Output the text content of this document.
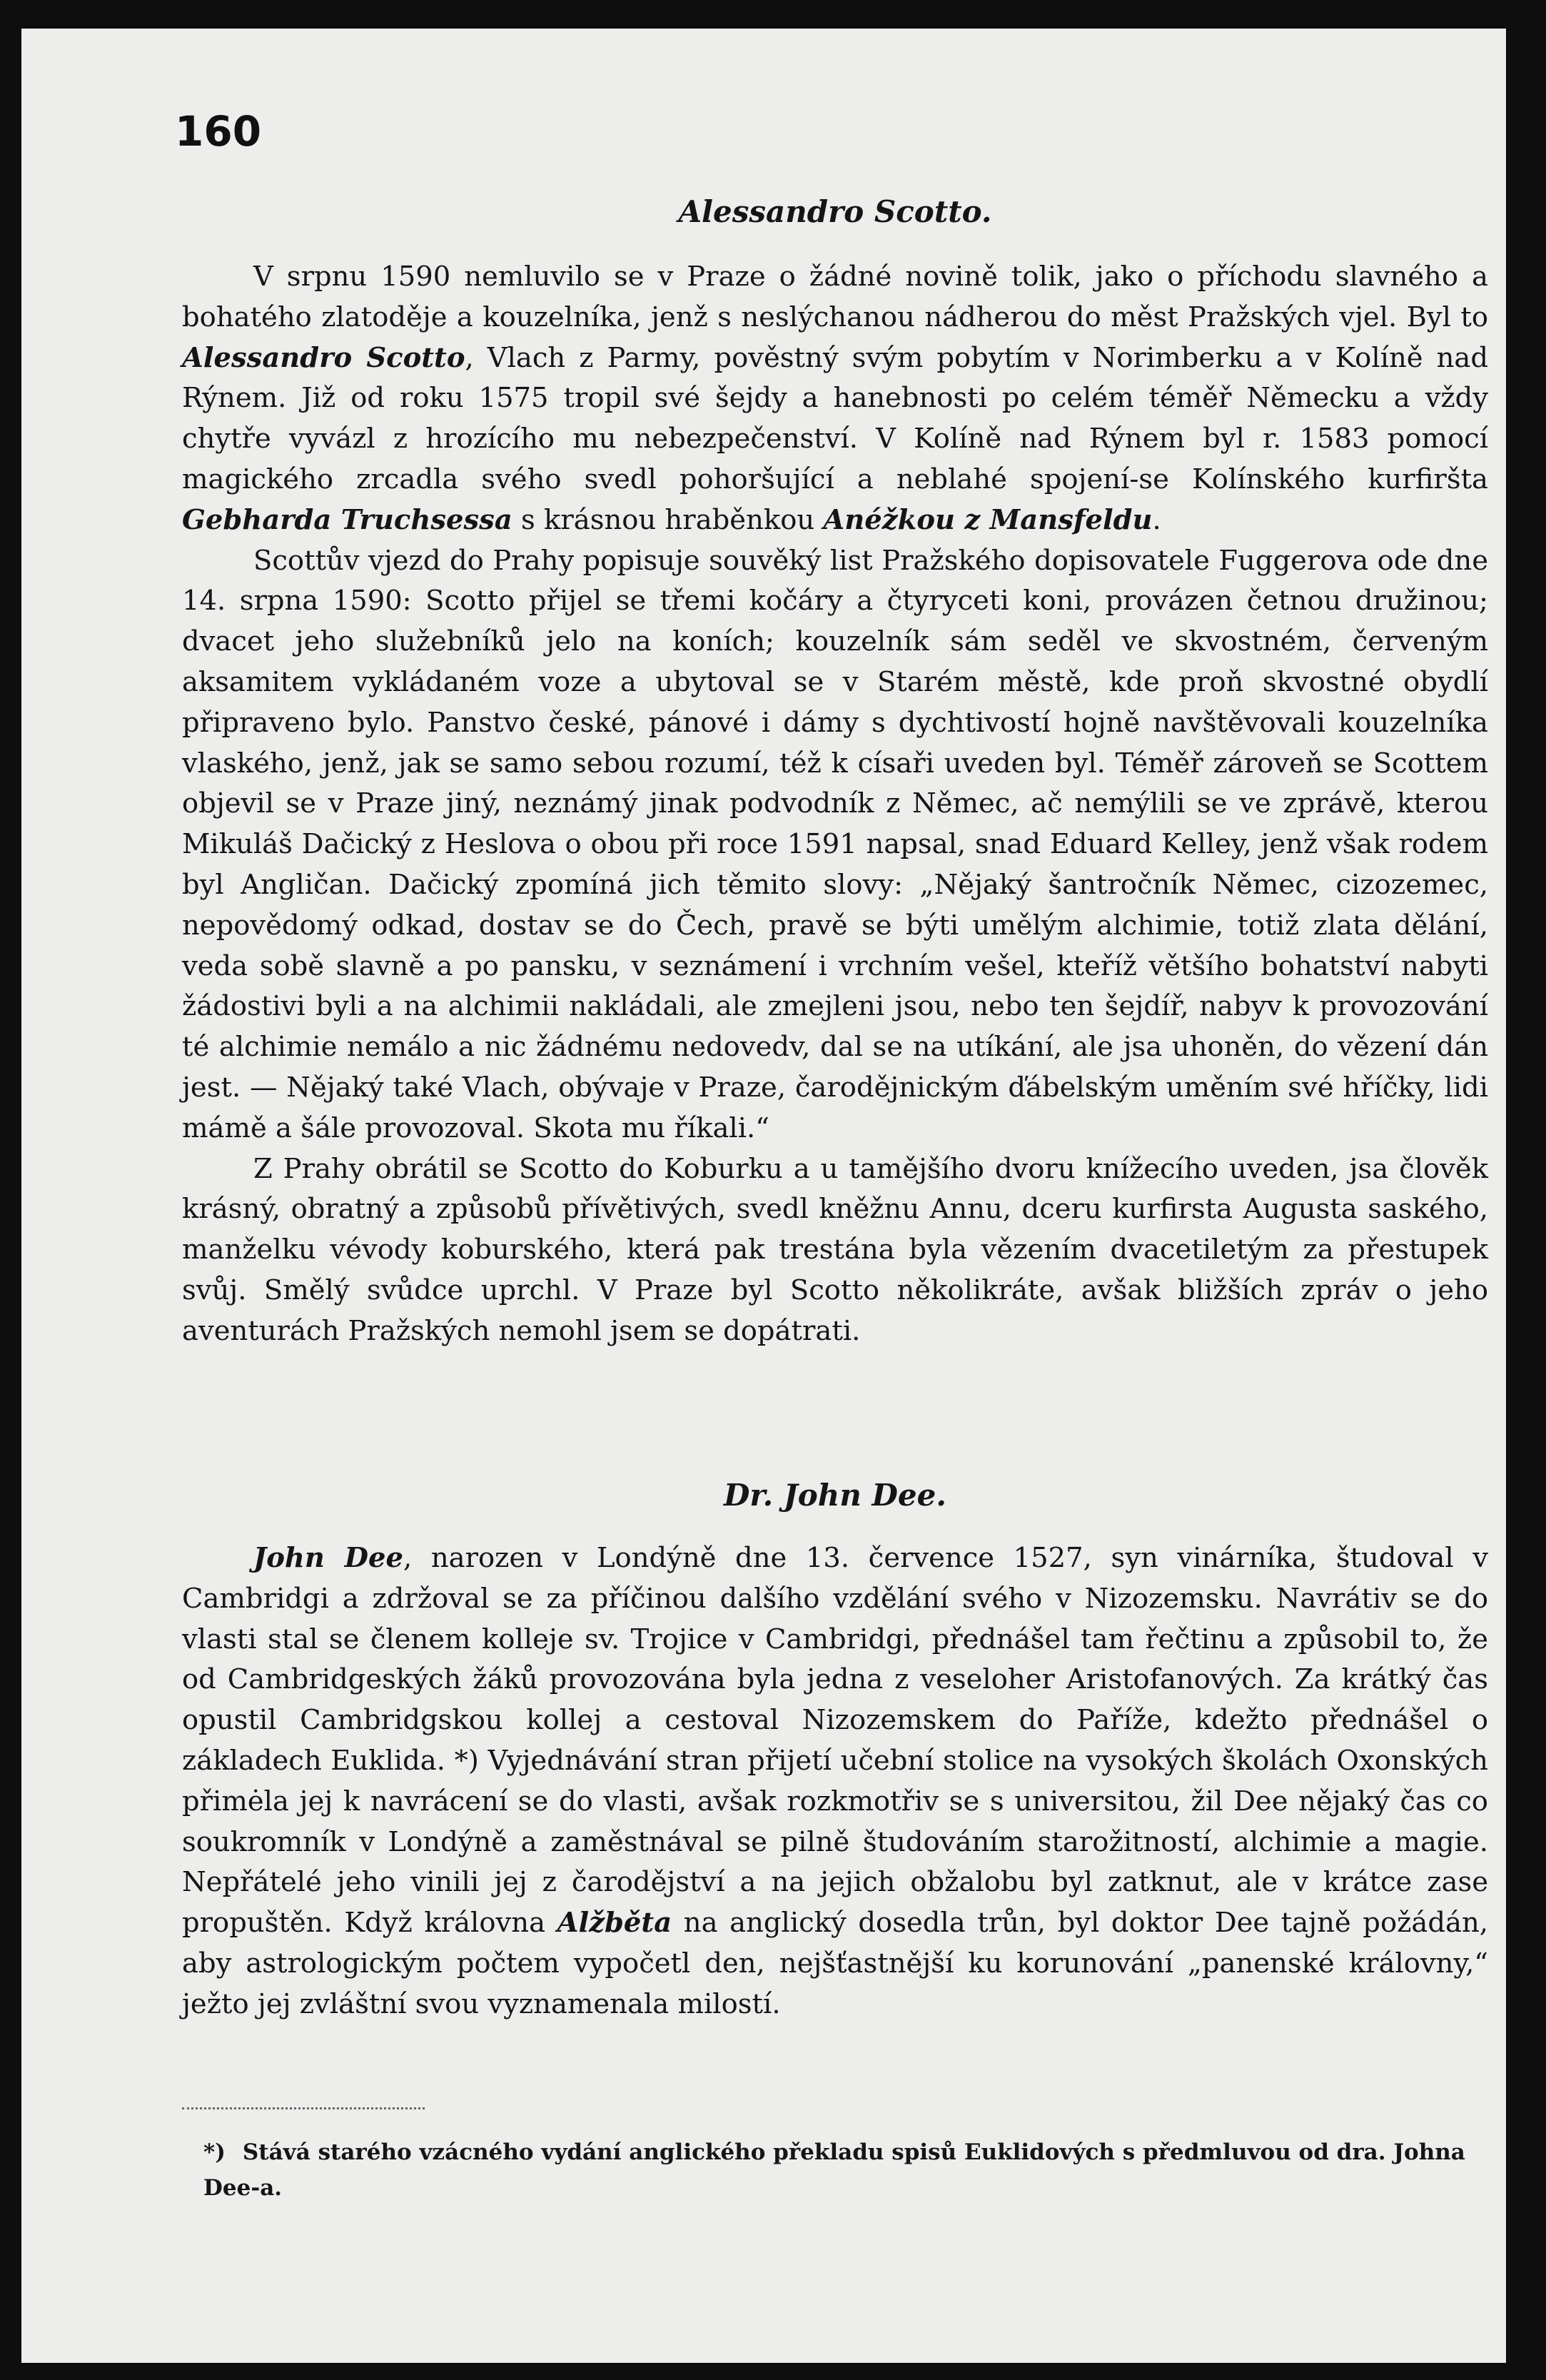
160
Alessandro Scotto.

V srpnu 1590 nemluvilo se v Praze o žádné novině tolik, jako o příchodu slavného a bohatého zlatoděje a kouzelníka, jenž s neslýchanou nádherou do měst Pražských vjel. Byl to Alessandro Scotto, Vlach z Parmy, pověstný svým pobytím v Norimberku a v Kolíně nad Rýnem. Již od roku 1575 tropil své šejdy a hanebnosti po celém téměř Německu a vždy chytře vyvázl z hrozícího mu nebezpečenství. V Kolíně nad Rýnem byl r. 1583 pomocí magického zrcadla svého svedl pohoršující a neblahé spojení-se Kolínského kurfiršta Gebharda Truchsessa s krásnou hraběnkou Anéžkou z Mansfeldu.

Scottův vjezd do Prahy popisuje souvěký list Pražského dopisovatele Fuggerova ode dne 14. srpna 1590: Scotto přijel se třemi kočáry a čtyryceti koni, provázen četnou družinou; dvacet jeho služebníků jelo na koních; kouzelník sám seděl ve skvostném, červeným aksamitem vykládaném voze a ubytoval se v Starém městě, kde proň skvostné obydlí připraveno bylo. Panstvo české, pánové i dámy s dychtivostí hojně navštěvovali kouzelníka vlaského, jenž, jak se samo sebou rozumí, též k císaři uveden byl. Téměř zároveň se Scottem objevil se v Praze jiný, neznámý jinak podvodník z Němec, ač nemýlili se ve zprávě, kterou Mikuláš Dačický z Heslova o obou při roce 1591 napsal, snad Eduard Kelley, jenž však rodem byl Angličan. Dačický zpomíná jich těmito slovy: „Nějaký šantročník Němec, cizozemec, nepovědomý odkad, dostav se do Čech, pravě se býti umělým alchimie, totiž zlata dělání, veda sobě slavně a po pansku, v seznámení i vrchním vešel, kteříž většího bohatství nabyti žádostivi byli a na alchimii nakládali, ale zmejleni jsou, nebo ten šejdíř, nabyv k provozování té alchimie nemálo a nic žádnému nedovedv, dal se na utíkání, ale jsa uhoněn, do vězení dán jest. — Nějaký také Vlach, obývaje v Praze, čarodějnickým ďábelským uměním své hříčky, lidi mámě a šále provozoval. Skota mu říkali.“

Z Prahy obrátil se Scotto do Koburku a u tamějšího dvoru knížecího uveden, jsa člověk krásný, obratný a způsobů přívětivých, svedl kněžnu Annu, dceru kurfirsta Augusta saského, manželku vévody koburského, která pak trestána byla vězením dvacetiletým za přestupek svůj. Smělý svůdce uprchl. V Praze byl Scotto několikráte, avšak bližších zpráv o jeho aventurách Pražských nemohl jsem se dopátrati.

Dr. John Dee.

John Dee, narozen v Londýně dne 13. července 1527, syn vinárníka, študoval v Cambridgi a zdržoval se za příčinou dalšího vzdělání svého v Nizozemsku. Navrátiv se do vlasti stal se členem kolleje sv. Trojice v Cambridgi, přednášel tam řečtinu a způsobil to, že od Cambridgeských žáků provozována byla jedna z veseloher Aristofanových. Za krátký čas opustil Cambridgskou kollej a cestoval Nizozemskem do Paříže, kdežto přednášel o základech Euklida. *) Vyjednávání stran přijetí učební stolice na vysokých školách Oxonských přimėla jej k navrácení se do vlasti, avšak rozkmotřiv se s universitou, žil Dee nějaký čas co soukromník v Londýně a zaměstnával se pilně študováním starožitností, alchimie a magie. Nepřátelé jeho vinili jej z čarodějství a na jejich obžalobu byl zatknut, ale v krátce zase propuštěn. Když královna Alžběta na anglický dosedla trůn, byl doktor Dee tajně požádán, aby astrologickým počtem vypočetl den, nejšťastnější ku korunování „panenské královny,“ ježto jej zvláštní svou vyznamenala milostí.

*) Stává starého vzácného vydání anglického překladu spisů Euklidových s předmluvou od dra. Johna Dee-a.
